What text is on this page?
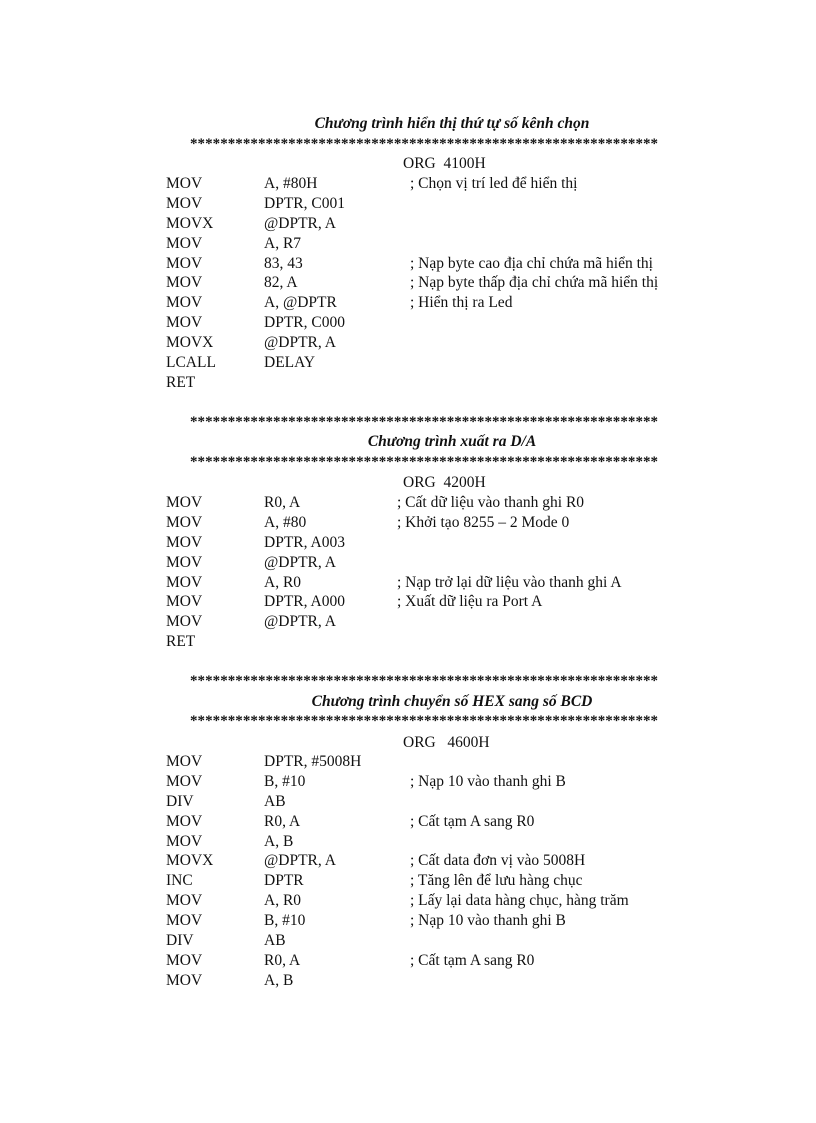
Chương trình hiển thị thứ tự số kênh chọn
**************************************************************
ORG  4100H
MOV	A, #80H	; Chọn vị trí led để hiển thị
MOV	DPTR, C001
MOVX	@DPTR, A
MOV	A, R7
MOV	83, 43	; Nạp byte cao địa chỉ chứa mã hiển thị
MOV	82, A	; Nạp byte thấp địa chỉ chứa mã hiển thị
MOV	A, @DPTR	; Hiển thị ra Led
MOV	DPTR, C000
MOVX	@DPTR, A
LCALL	DELAY
RET
**************************************************************
Chương trình xuất ra D/A
**************************************************************
ORG  4200H
MOV	R0, A	; Cất dữ liệu vào thanh ghi R0
MOV	A, #80	; Khởi tạo 8255 – 2 Mode 0
MOV	DPTR, A003
MOV	@DPTR, A
MOV	A, R0	; Nạp trở lại dữ liệu vào thanh ghi A
MOV	DPTR, A000	; Xuất dữ liệu ra Port A
MOV	@DPTR, A
RET
**************************************************************
Chương trình chuyển số HEX sang số BCD
**************************************************************
ORG   4600H
MOV	DPTR, #5008H
MOV	B, #10	; Nạp 10 vào thanh ghi B
DIV	AB
MOV	R0, A	; Cất tạm A sang R0
MOV	A, B
MOVX	@DPTR, A	; Cất data đơn vị vào 5008H
INC	DPTR	; Tăng lên để lưu hàng chục
MOV	A, R0	; Lấy lại data hàng chục, hàng trăm
MOV	B, #10	; Nạp 10 vào thanh ghi B
DIV	AB
MOV	R0, A	; Cất tạm A sang R0
MOV	A, B
